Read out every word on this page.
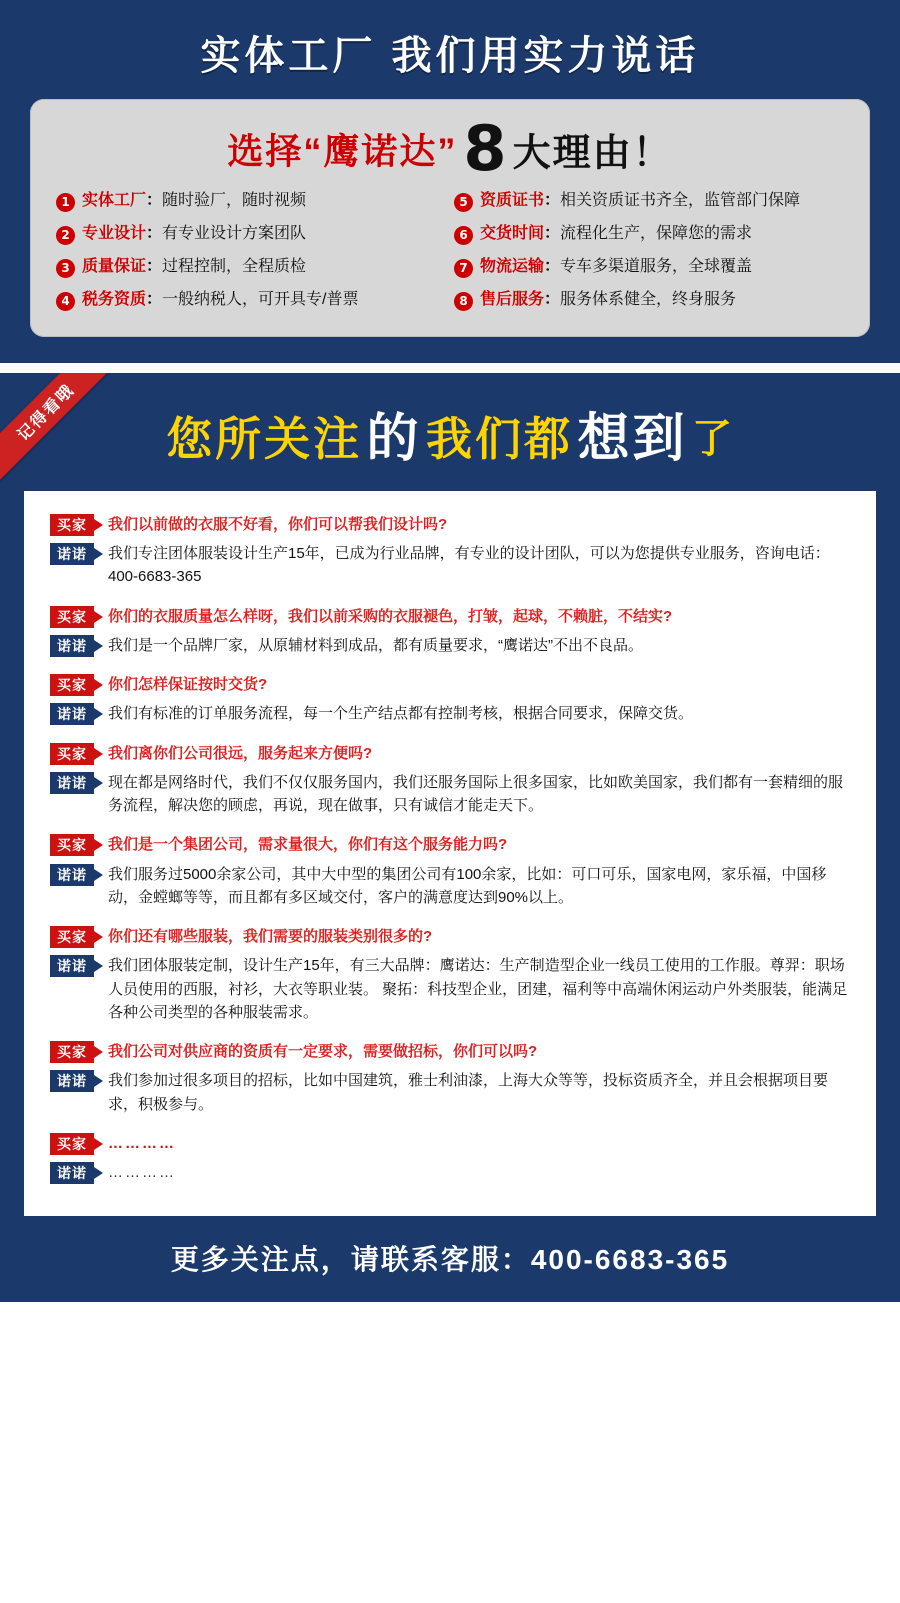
实体工厂 我们用实力说话
选择“鹰诺达”8 大理由！
1 实体工厂：随时验厂，随时视频	5 资质证书：相关资质证书齐全，监管部门保障
2 专业设计：有专业设计方案团队	6 交货时间：流程化生产，保障您的需求
3 质量保证：过程控制，全程质检	7 物流运输：专车多渠道服务，全球覆盖
4 税务资质：一般纳税人，可开具专/普票	8 售后服务：服务体系健全，终身服务
记得看哦	您所关注 的 我们都 想到 了
买家	我们以前做的衣服不好看，你们可以帮我们设计吗?
诺诺	我们专注团体服装设计生产15年，已成为行业品牌，有专业的设计团队，可以为您提供专业服务，咨询电话：400-6683-365
买家	你们的衣服质量怎么样呀，我们以前采购的衣服褪色，打皱，起球，不赖脏，不结实?
诺诺	我们是一个品牌厂家，从原辅材料到成品，都有质量要求，“鹰诺达”不出不良品。
买家	你们怎样保证按时交货?
诺诺	我们有标准的订单服务流程，每一个生产结点都有控制考核，根据合同要求，保障交货。
买家	我们离你们公司很远，服务起来方便吗?
诺诺	现在都是网络时代，我们不仅仅服务国内，我们还服务国际上很多国家，比如欧美国家，我们都有一套精细的服务流程，解决您的顾虑，再说，现在做事，只有诚信才能走天下。
买家	我们是一个集团公司，需求量很大，你们有这个服务能力吗?
诺诺	我们服务过5000余家公司，其中大中型的集团公司有100余家，比如：可口可乐，国家电网，家乐福，中国移动，金螳螂等等，而且都有多区域交付，客户的满意度达到90%以上。
买家	你们还有哪些服装，我们需要的服装类别很多的?
诺诺	我们团体服装定制，设计生产15年，有三大品牌：鹰诺达：生产制造型企业一线员工使用的工作服。尊羿：职场人员使用的西服，衬衫，大衣等职业装。 聚拓：科技型企业，团建，福利等中高端休闲运动户外类服装，能满足各种公司类型的各种服装需求。
买家	我们公司对供应商的资质有一定要求，需要做招标，你们可以吗?
诺诺	我们参加过很多项目的招标，比如中国建筑，雅士利油漆，上海大众等等，投标资质齐全，并且会根据项目要求，积极参与。
买家	…………
诺诺	…………
更多关注点，请联系客服：400-6683-365
